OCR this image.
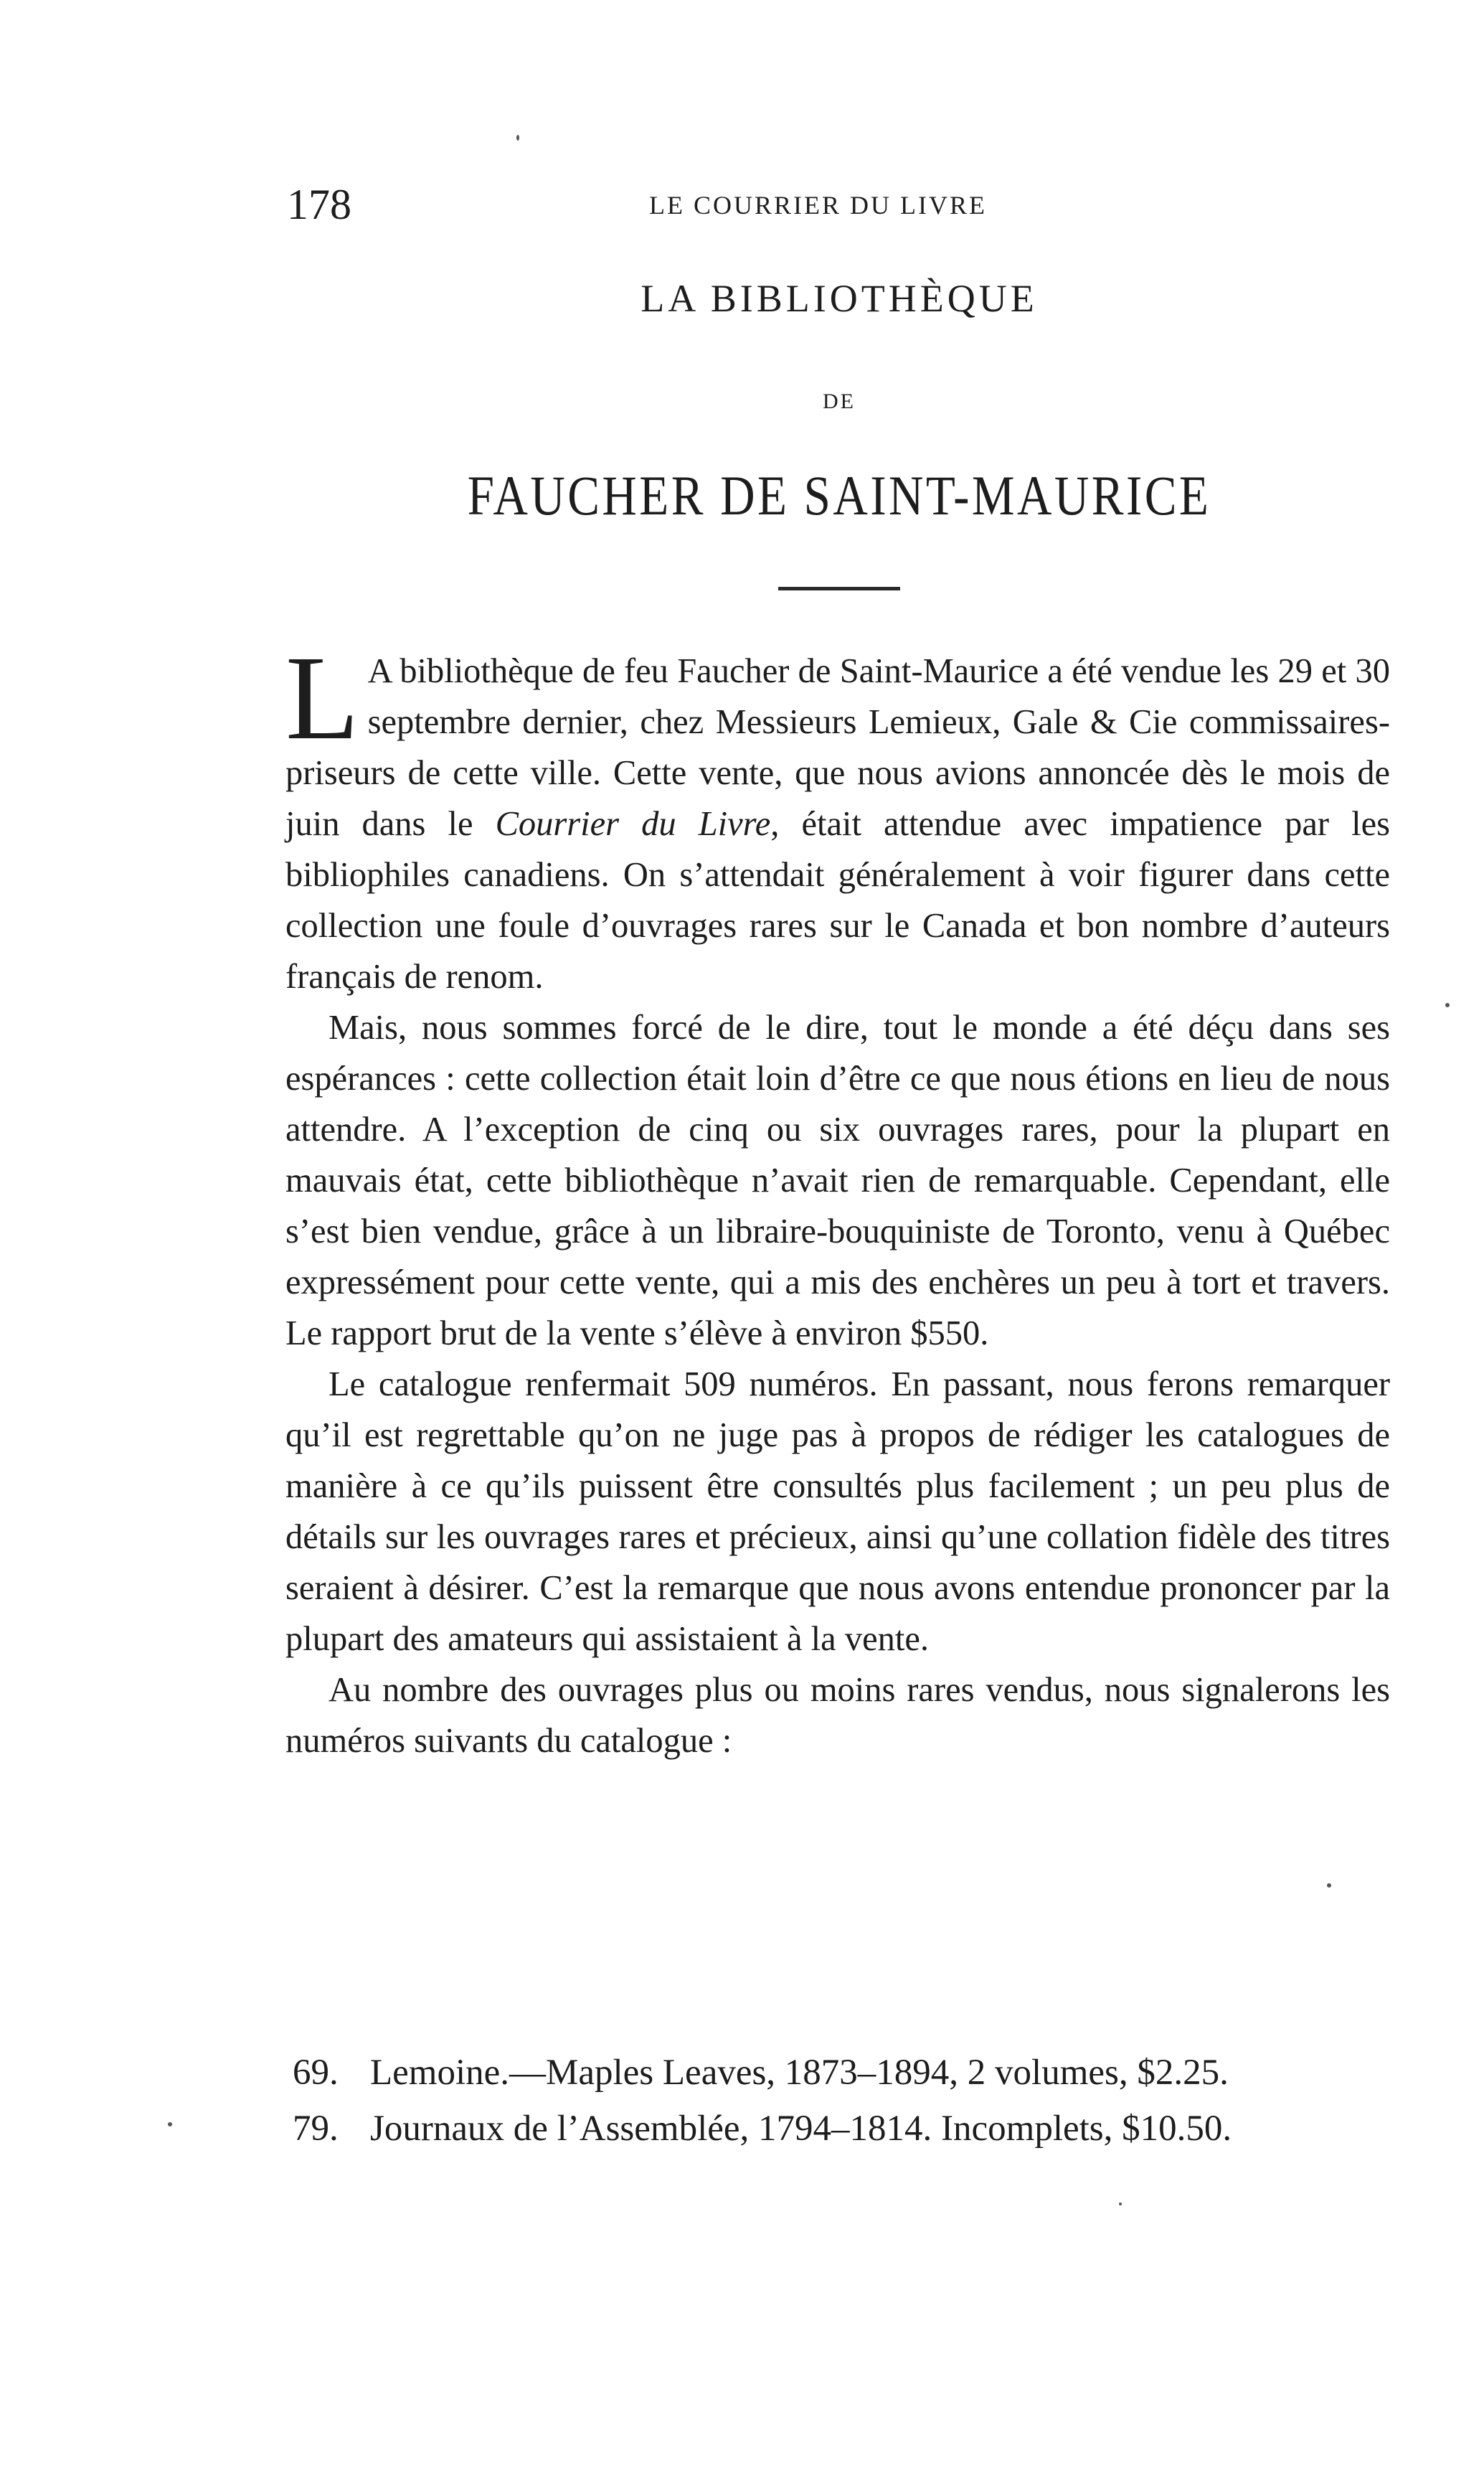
178	LE COURRIER DU LIVRE
LA BIBLIOTHÈQUE
DE
FAUCHER DE SAINT-MAURICE

L A bibliothèque de feu Faucher de Saint-Maurice a été vendue les 29 et 30 septembre dernier, chez Messieurs Lemieux, Gale & Cie commissaires-priseurs de cette ville. Cette vente, que nous avions annoncée dès le mois de juin dans le Courrier du Livre, était attendue avec impatience par les bibliophiles canadiens. On s’attendait généralement à voir figurer dans cette collection une foule d’ouvrages rares sur le Canada et bon nombre d’auteurs français de renom.

Mais, nous sommes forcé de le dire, tout le monde a été déçu dans ses espérances : cette collection était loin d’être ce que nous étions en lieu de nous attendre. A l’exception de cinq ou six ouvrages rares, pour la plupart en mauvais état, cette bibliothèque n’avait rien de remarquable. Cependant, elle s’est bien vendue, grâce à un libraire-bouquiniste de Toronto, venu à Québec expressément pour cette vente, qui a mis des enchères un peu à tort et travers. Le rapport brut de la vente s’élève à environ $550.

Le catalogue renfermait 509 numéros. En passant, nous ferons remarquer qu’il est regrettable qu’on ne juge pas à propos de rédiger les catalogues de manière à ce qu’ils puissent être consultés plus facilement ; un peu plus de détails sur les ouvrages rares et précieux, ainsi qu’une collation fidèle des titres seraient à désirer. C’est la remarque que nous avons entendue prononcer par la plupart des amateurs qui assistaient à la vente.

Au nombre des ouvrages plus ou moins rares vendus, nous signalerons les numéros suivants du catalogue :

69. Lemoine.—Maples Leaves, 1873–1894, 2 volumes, $2.25.
79. Journaux de l’Assemblée, 1794–1814. Incomplets, $10.50.
